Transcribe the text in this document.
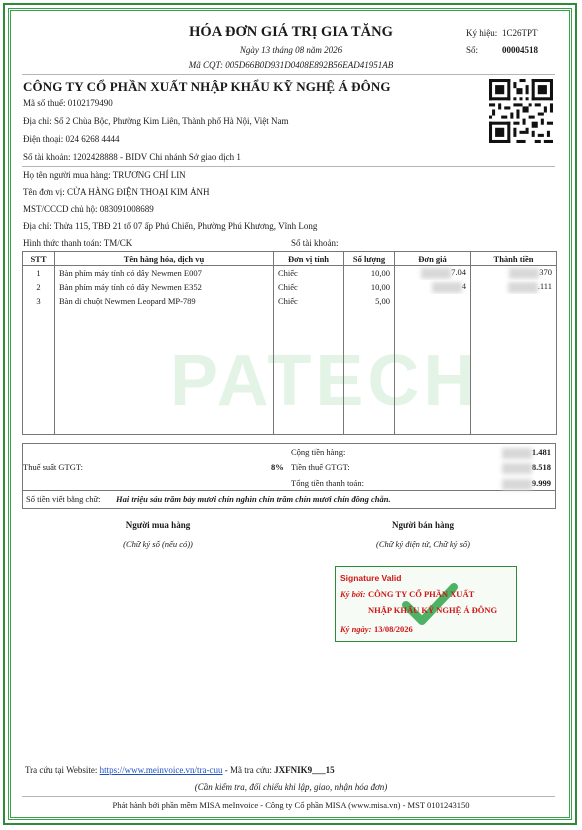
PATECH
HÓA ĐƠN GIÁ TRỊ GIA TĂNG
Ngày 13 tháng 08 năm 2026
Mã CQT: 005D66B0D931D0408E892B56EAD41951AB
Ký hiệu: 1C26TPT
Số:	00004518
CÔNG TY CỔ PHẦN XUẤT NHẬP KHẨU KỸ NGHỆ Á ĐÔNG
Mã số thuế: 0102179490
Địa chỉ: Số 2 Chùa Bộc, Phường Kim Liên, Thành phố Hà Nội, Việt Nam
Điện thoại: 024 6268 4444
Số tài khoản: 1202428888 - BIDV Chi nhánh Sở giao dịch 1
Họ tên người mua hàng: TRƯƠNG CHÍ LIN
Tên đơn vị: CỬA HÀNG ĐIỆN THOẠI KIM ẢNH
MST/CCCD chủ hộ: 083091008689
Địa chỉ: Thửa 115, TBĐ 21 tổ 07 ấp Phú Chiến, Phường Phú Khương, Vĩnh Long
Hình thức thanh toán: TM/CK	Số tài khoản:
STT	Tên hàng hóa, dịch vụ	Đơn vị tính	Số lượng	Đơn giá	Thành tiền
1	Bàn phím máy tính có dây Newmen E007	Chiếc	10,00	7.04	370
2	Bàn phím máy tính có dây Newmen E352	Chiếc	10,00	4	.111
3	Bàn di chuột Newmen Leopard MP-789	Chiếc	5,00		

Cộng tiền hàng:	1.481
Thuế suất GTGT:	8% Tiền thuế GTGT:	8.518
Tổng tiền thanh toán:	9.999
Số tiền viết bằng chữ: Hai triệu sáu trăm bảy mươi chín nghìn chín trăm chín mươi chín đồng chẵn.
Người mua hàng
(Chữ ký số (nếu có))
Người bán hàng
(Chữ ký điện tử, Chữ ký số)
Signature Valid
Ký bởi: CÔNG TY CỔ PHẦN XUẤT
NHẬP KHẨU KỸ NGHỆ Á ĐÔNG
Ký ngày: 13/08/2026
Tra cứu tại Website: https://www.meinvoice.vn/tra-cuu - Mã tra cứu: JXFNIK9___15
(Cần kiểm tra, đối chiếu khi lập, giao, nhận hóa đơn)
Phát hành bởi phần mềm MISA meInvoice - Công ty Cổ phần MISA (www.misa.vn) - MST 0101243150
